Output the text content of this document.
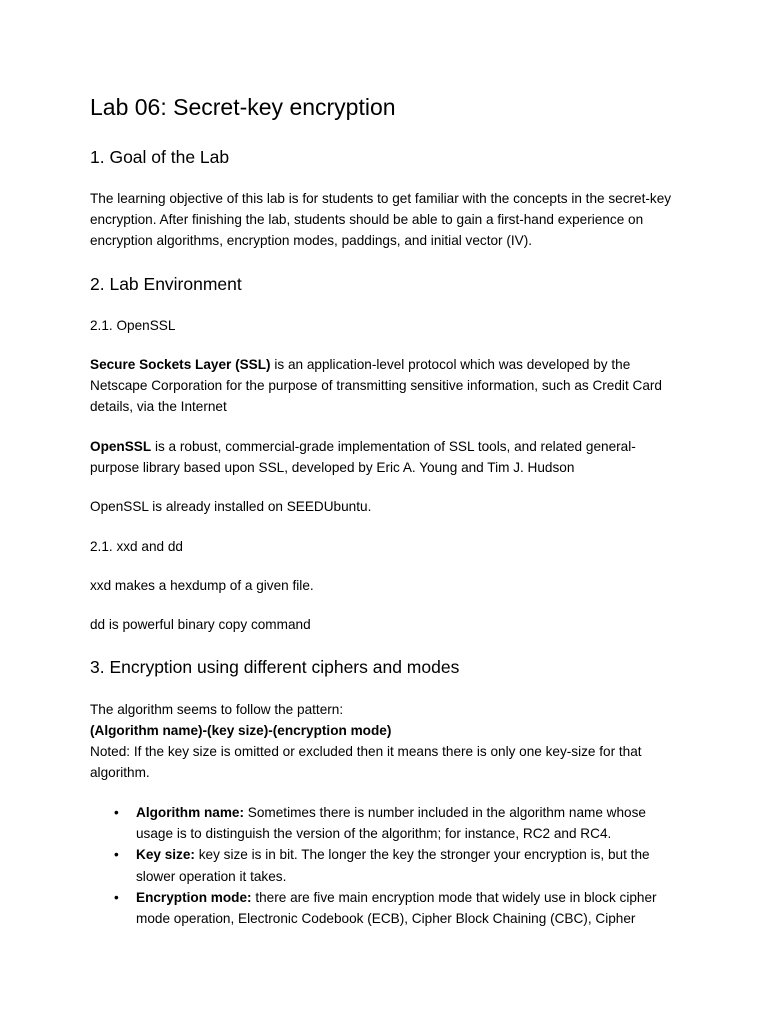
Lab 06: Secret-key encryption
1. Goal of the Lab

The learning objective of this lab is for students to get familiar with the concepts in the secret-key encryption. After finishing the lab, students should be able to gain a first-hand experience on encryption algorithms, encryption modes, paddings, and initial vector (IV).

2. Lab Environment

2.1. OpenSSL

Secure Sockets Layer (SSL) is an application-level protocol which was developed by the Netscape Corporation for the purpose of transmitting sensitive information, such as Credit Card details, via the Internet

OpenSSL is a robust, commercial-grade implementation of SSL tools, and related general-purpose library based upon SSL, developed by Eric A. Young and Tim J. Hudson

OpenSSL is already installed on SEEDUbuntu.

2.1. xxd and dd

xxd makes a hexdump of a given file.

dd is powerful binary copy command

3. Encryption using different ciphers and modes

The algorithm seems to follow the pattern:

(Algorithm name)-(key size)-(encryption mode)

Noted: If the key size is omitted or excluded then it means there is only one key-size for that algorithm.

• Algorithm name: Sometimes there is number included in the algorithm name whose usage is to distinguish the version of the algorithm; for instance, RC2 and RC4.
• Key size: key size is in bit. The longer the key the stronger your encryption is, but the slower operation it takes.
• Encryption mode: there are five main encryption mode that widely use in block cipher mode operation, Electronic Codebook (ECB), Cipher Block Chaining (CBC), Cipher
